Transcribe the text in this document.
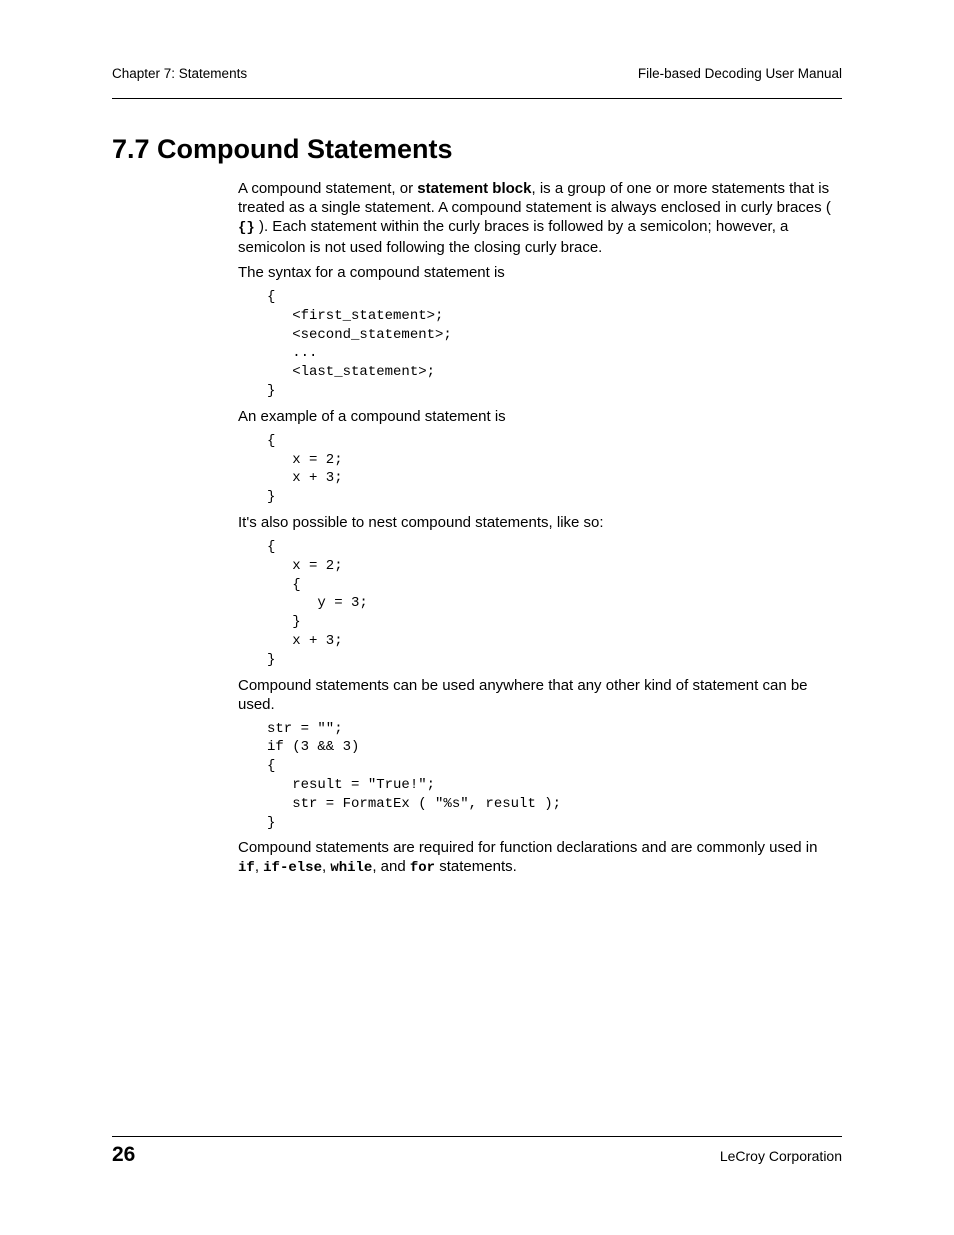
Chapter 7: Statements	File-based Decoding User Manual
7.7 Compound Statements

A compound statement, or statement block, is a group of one or more statements that is treated as a single statement. A compound statement is always enclosed in curly braces ( {} ). Each statement within the curly braces is followed by a semicolon; however, a semicolon is not used following the closing curly brace.

The syntax for a compound statement is

{
<first_statement>;
<second_statement>;
...
<last_statement>;
}

An example of a compound statement is

{
x = 2;
x + 3;
}

It's also possible to nest compound statements, like so:

{
x = 2;
{
y = 3;
}
x + 3;
}

Compound statements can be used anywhere that any other kind of statement can be used.

str = "";
if (3 && 3)
{
result = "True!";
str = FormatEx ( "%s", result );
}

Compound statements are required for function declarations and are commonly used in if, if-else, while, and for statements.

26	LeCroy Corporation
